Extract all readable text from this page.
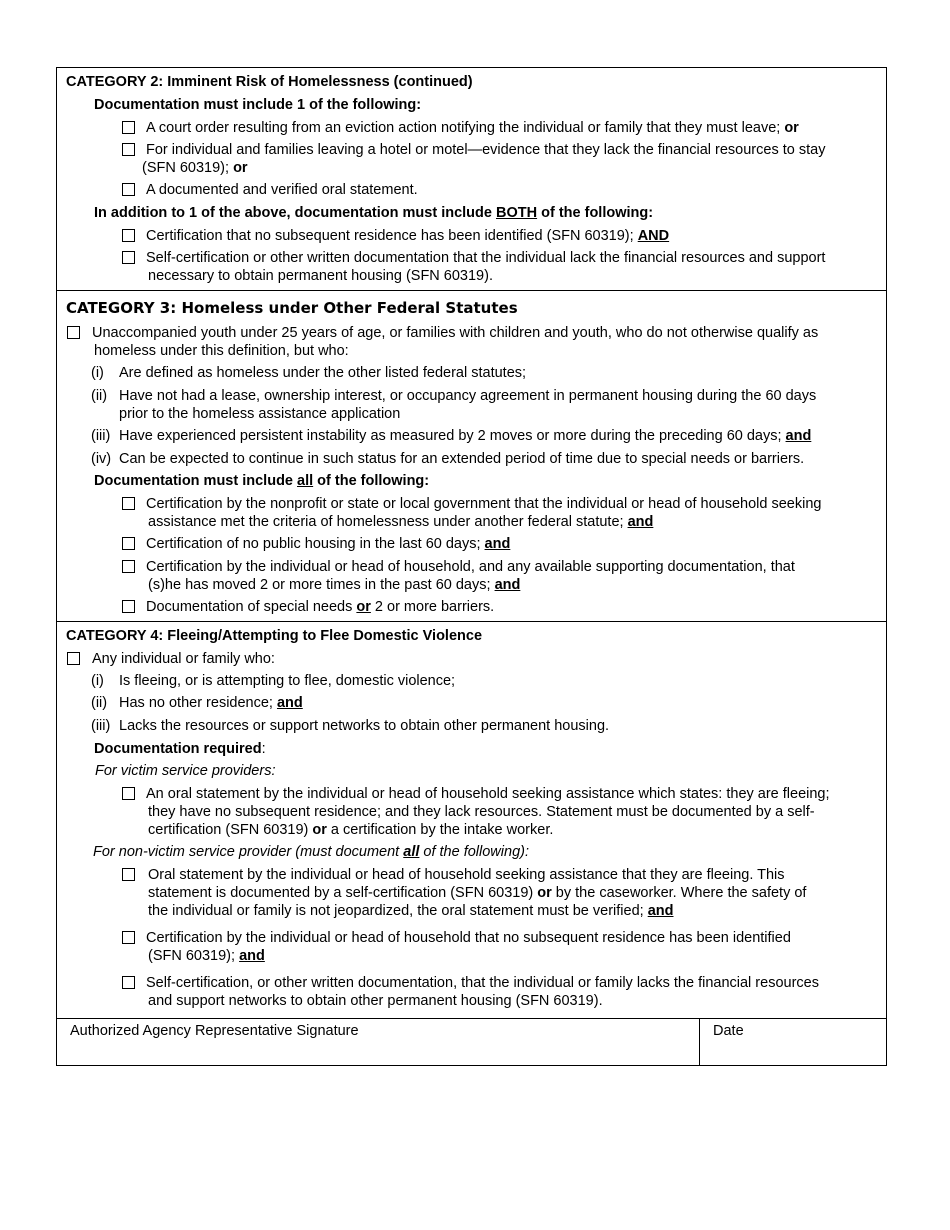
CATEGORY 2: Imminent Risk of Homelessness (continued)
Documentation must include 1 of the following:
A court order resulting from an eviction action notifying the individual or family that they must leave; or
For individual and families leaving a hotel or motel—evidence that they lack the financial resources to stay
(SFN 60319); or
A documented and verified oral statement.
In addition to 1 of the above, documentation must include BOTH of the following:
Certification that no subsequent residence has been identified (SFN 60319); AND
Self-certification or other written documentation that the individual lack the financial resources and support
necessary to obtain permanent housing (SFN 60319).
CATEGORY 3: Homeless under Other Federal Statutes
Unaccompanied youth under 25 years of age, or families with children and youth, who do not otherwise qualify as
homeless under this definition, but who:
(i) Are defined as homeless under the other listed federal statutes;
(ii) Have not had a lease, ownership interest, or occupancy agreement in permanent housing during the 60 days
prior to the homeless assistance application
(iii) Have experienced persistent instability as measured by 2 moves or more during the preceding 60 days; and
(iv) Can be expected to continue in such status for an extended period of time due to special needs or barriers.
Documentation must include all of the following:
Certification by the nonprofit or state or local government that the individual or head of household seeking
assistance met the criteria of homelessness under another federal statute; and
Certification of no public housing in the last 60 days; and
Certification by the individual or head of household, and any available supporting documentation, that
(s)he has moved 2 or more times in the past 60 days; and
Documentation of special needs or 2 or more barriers.
CATEGORY 4: Fleeing/Attempting to Flee Domestic Violence
Any individual or family who:
(i) Is fleeing, or is attempting to flee, domestic violence;
(ii) Has no other residence; and
(iii) Lacks the resources or support networks to obtain other permanent housing.
Documentation required:
For victim service providers:
An oral statement by the individual or head of household seeking assistance which states: they are fleeing;
they have no subsequent residence; and they lack resources. Statement must be documented by a self-
certification (SFN 60319) or a certification by the intake worker.
For non-victim service provider (must document all of the following):
Oral statement by the individual or head of household seeking assistance that they are fleeing. This
statement is documented by a self-certification (SFN 60319) or by the caseworker. Where the safety of
the individual or family is not jeopardized, the oral statement must be verified; and
Certification by the individual or head of household that no subsequent residence has been identified
(SFN 60319); and
Self-certification, or other written documentation, that the individual or family lacks the financial resources
and support networks to obtain other permanent housing (SFN 60319).
Authorized Agency Representative Signature	Date
